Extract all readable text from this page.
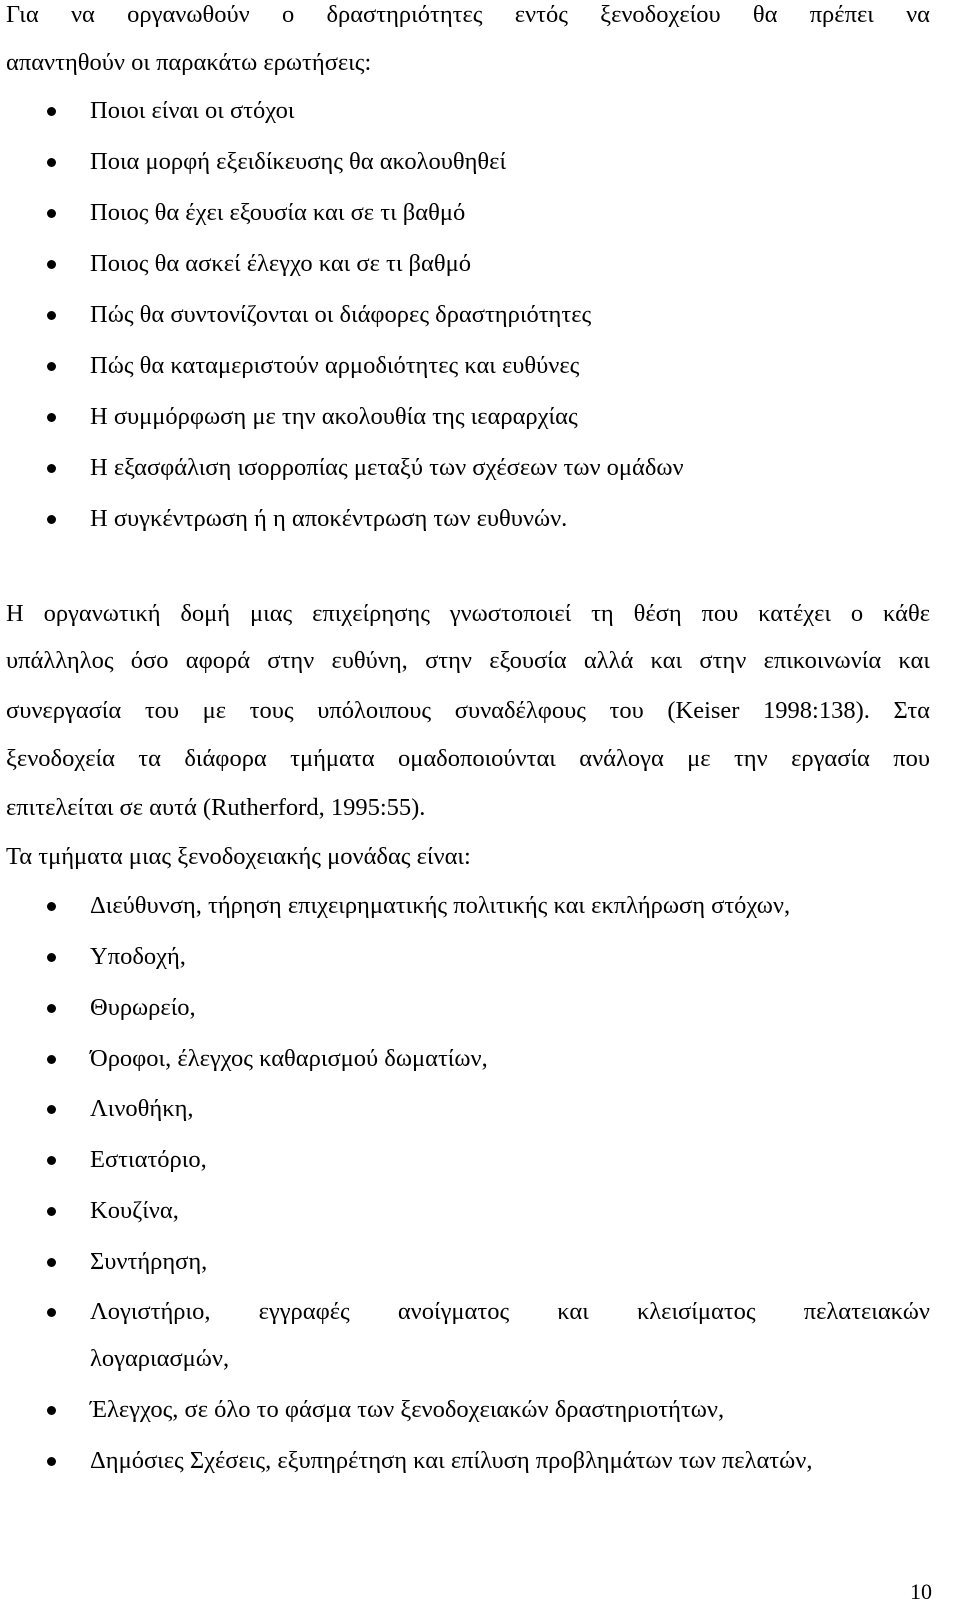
Για να οργανωθούν ο δραστηριότητες εντός ξενοδοχείου θα πρέπει να

απαντηθούν οι παρακάτω ερωτήσεις:

Ποιοι είναι οι στόχοι
Ποια μορφή εξειδίκευσης θα ακολουθηθεί
Ποιος θα έχει εξουσία και σε τι βαθμό
Ποιος θα ασκεί έλεγχο και σε τι βαθμό
Πώς θα συντονίζονται οι διάφορες δραστηριότητες
Πώς θα καταμεριστούν αρμοδιότητες και ευθύνες
Η συμμόρφωση με την ακολουθία της ιεαραρχίας
Η εξασφάλιση ισορροπίας μεταξύ των σχέσεων των ομάδων
Η συγκέντρωση ή η αποκέντρωση των ευθυνών.

Η οργανωτική δομή μιας επιχείρησης γνωστοποιεί τη θέση που κατέχει ο κάθε

υπάλληλος όσο αφορά στην ευθύνη, στην εξουσία αλλά και στην επικοινωνία και

συνεργασία του με τους υπόλοιπους συναδέλφους του (Keiser 1998:138). Στα

ξενοδοχεία τα διάφορα τμήματα ομαδοποιούνται ανάλογα με την εργασία που

επιτελείται σε αυτά (Rutherford, 1995:55).

Τα τμήματα μιας ξενοδοχειακής μονάδας είναι:

Διεύθυνση, τήρηση επιχειρηματικής πολιτικής και εκπλήρωση στόχων,
Υποδοχή,
Θυρωρείο,
Όροφοι, έλεγχος καθαρισμού δωματίων,
Λινοθήκη,
Εστιατόριο,
Κουζίνα,
Συντήρηση,
Λογιστήριο, εγγραφές ανοίγματος και κλεισίματος πελατειακών
λογαριασμών,
Έλεγχος, σε όλο το φάσμα των ξενοδοχειακών δραστηριοτήτων,
Δημόσιες Σχέσεις, εξυπηρέτηση και επίλυση προβλημάτων των πελατών,
10
